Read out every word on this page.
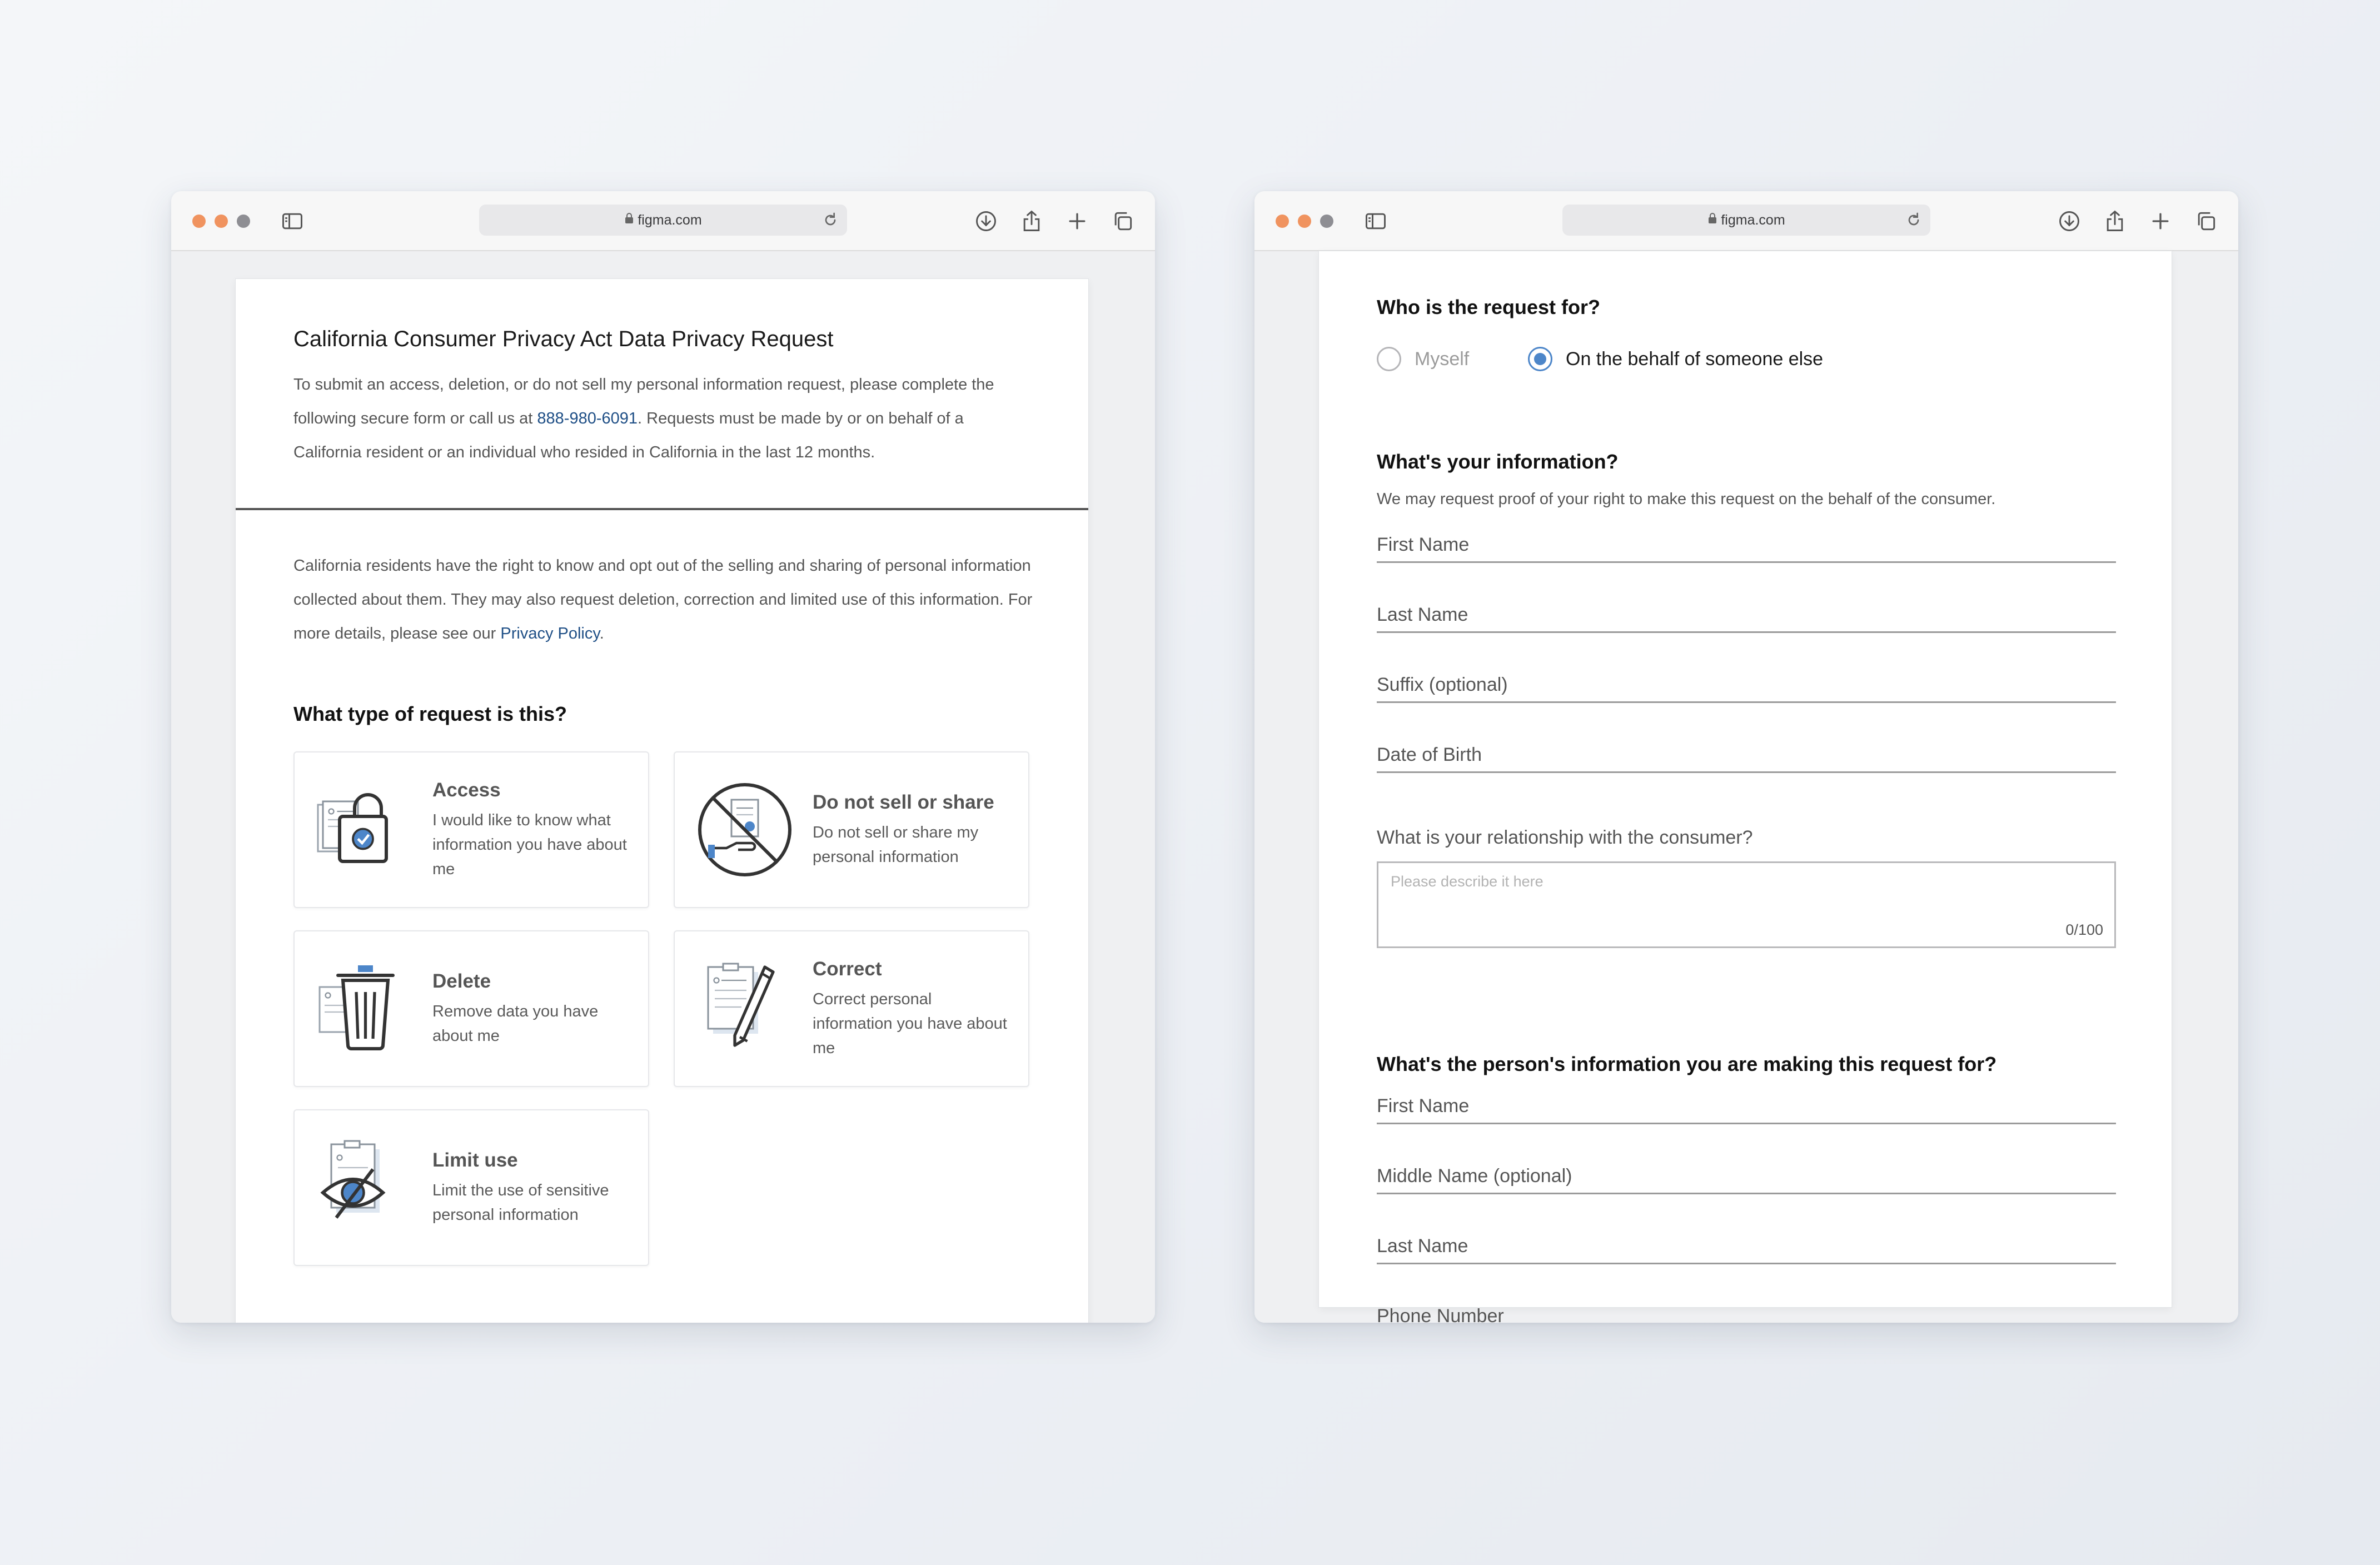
figma.com
California Consumer Privacy Act Data Privacy Request
To submit an access, deletion, or do not sell my personal information request, please complete the following secure form or call us at 888-980-6091. Requests must be made by or on behalf of a California resident or an individual who resided in California in the last 12 months.
California residents have the right to know and opt out of the selling and sharing of personal information collected about them. They may also request deletion, correction and limited use of this information. For more details, please see our Privacy Policy.
What type of request is this?
Access
I would like to know what information you have about me
Do not sell or share
Do not sell or share my personal information
Delete
Remove data you have about me
Correct
Correct personal information you have about me
Limit use
Limit the use of sensitive personal information
figma.com
Who is the request for?
Myself	On the behalf of someone else
What's your information?
We may request proof of your right to make this request on the behalf of the consumer.
First Name
Last Name
Suffix (optional)
Date of Birth
What is your relationship with the consumer?
Please describe it here
0/100
What's the person's information you are making this request for?
First Name
Middle Name (optional)
Last Name
Phone Number
